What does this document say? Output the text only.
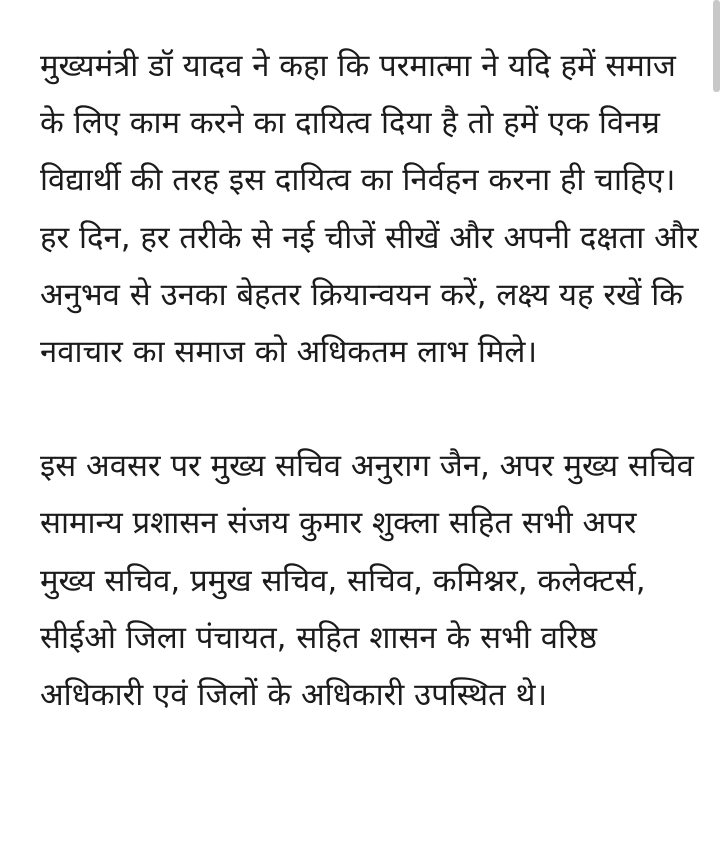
मुख्यमंत्री डॉ यादव ने कहा कि परमात्मा ने यदि हमें समाज के लिए काम करने का दायित्व दिया है तो हमें एक विनम्र विद्यार्थी की तरह इस दायित्व का निर्वहन करना ही चाहिए। हर दिन, हर तरीके से नई चीजें सीखें और अपनी दक्षता और अनुभव से उनका बेहतर क्रियान्वयन करें, लक्ष्य यह रखें कि नवाचार का समाज को अधिकतम लाभ मिले।

इस अवसर पर मुख्य सचिव अनुराग जैन, अपर मुख्य सचिव सामान्य प्रशासन संजय कुमार शुक्ला सहित सभी अपर मुख्य सचिव, प्रमुख सचिव, सचिव, कमिश्नर, कलेक्टर्स, सीईओ जिला पंचायत, सहित शासन के सभी वरिष्ठ अधिकारी एवं जिलों के अधिकारी उपस्थित थे।
